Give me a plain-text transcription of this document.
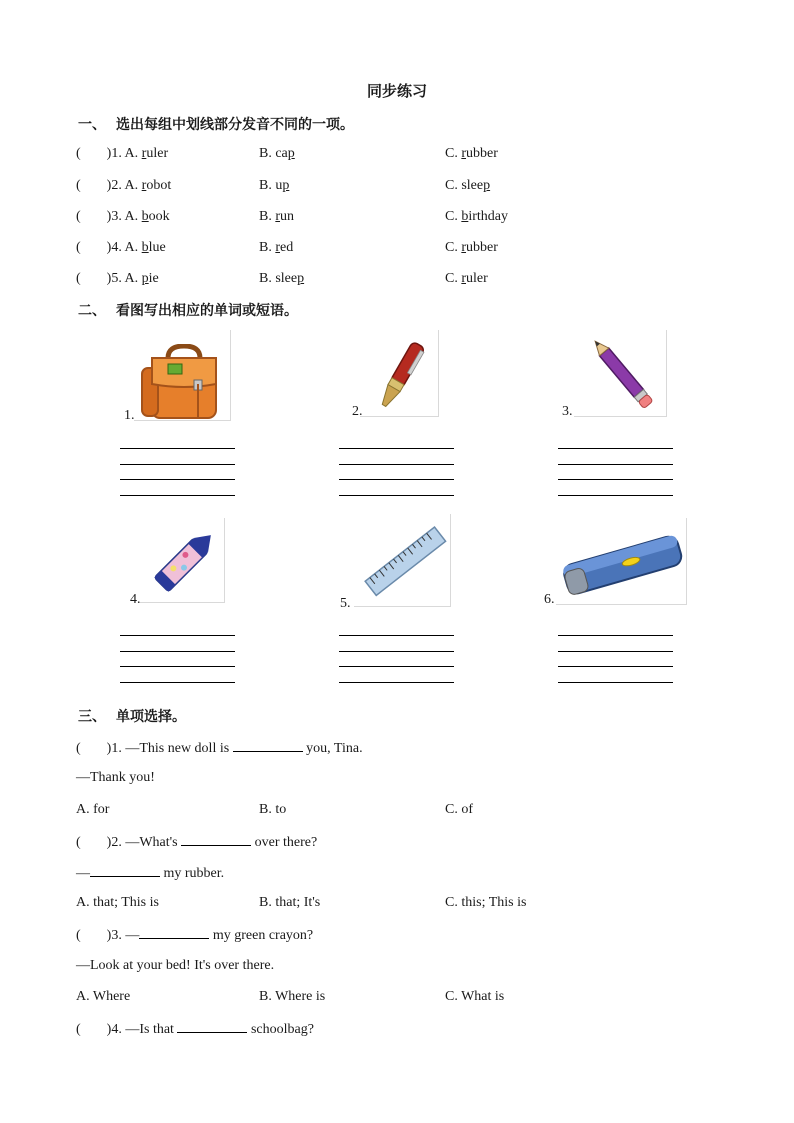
同步练习
一、 选出每组中划线部分发音不同的一项。
( )1. A. ruler	B. cap	C. rubber
( )2. A. robot	B. up	C. sleep
( )3. A. book	B. run	C. birthday
( )4. A. blue	B. red	C. rubber
( )5. A. pie	B. sleep	C. ruler
二、 看图写出相应的单词或短语。
1.	2.	3.
4.	5.	6.
三、 单项选择。
( )1. —This new doll is	you, Tina.
—Thank you!
A. for	B. to	C. of
( )2. —What's	over there?
—	my rubber.
A. that; This is	B. that; It's	C. this; This is
( )3. —	my green crayon?
—Look at your bed! It's over there.
A. Where	B. Where is	C. What is
( )4. —Is that	schoolbag?
